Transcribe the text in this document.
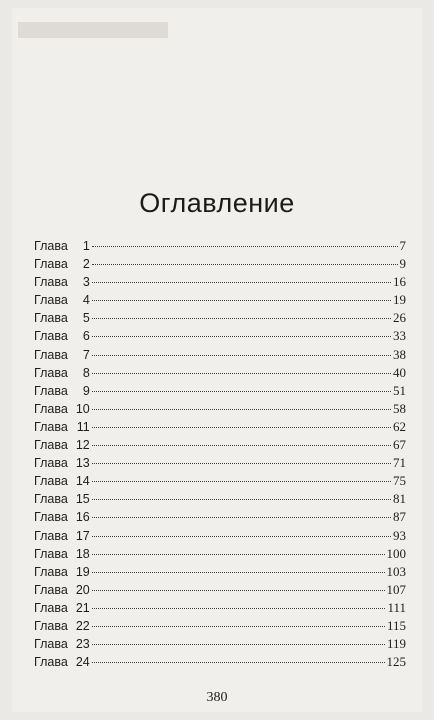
Оглавление
Глава	1	7
Глава	2	9
Глава	3	16
Глава	4	19
Глава	5	26
Глава	6	33
Глава	7	38
Глава	8	40
Глава	9	51
Глава 10	58
Глава 11	62
Глава 12	67
Глава 13	71
Глава 14	75
Глава 15	81
Глава 16	87
Глава 17	93
Глава 18	100
Глава 19	103
Глава 20	107
Глава 21	111
Глава 22	115
Глава 23	119
Глава 24	125
380
